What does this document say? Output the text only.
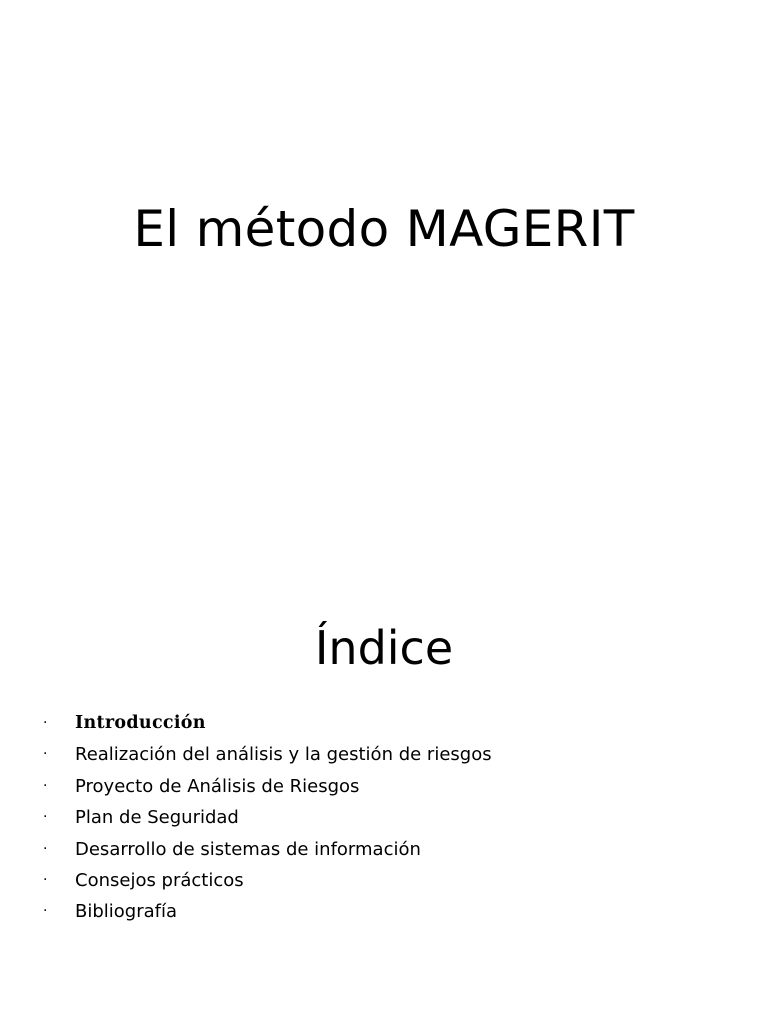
El método MAGERIT
Índice
· Introducción
· Realización del análisis y la gestión de riesgos
· Proyecto de Análisis de Riesgos
· Plan de Seguridad
· Desarrollo de sistemas de información
· Consejos prácticos
· Bibliografía
